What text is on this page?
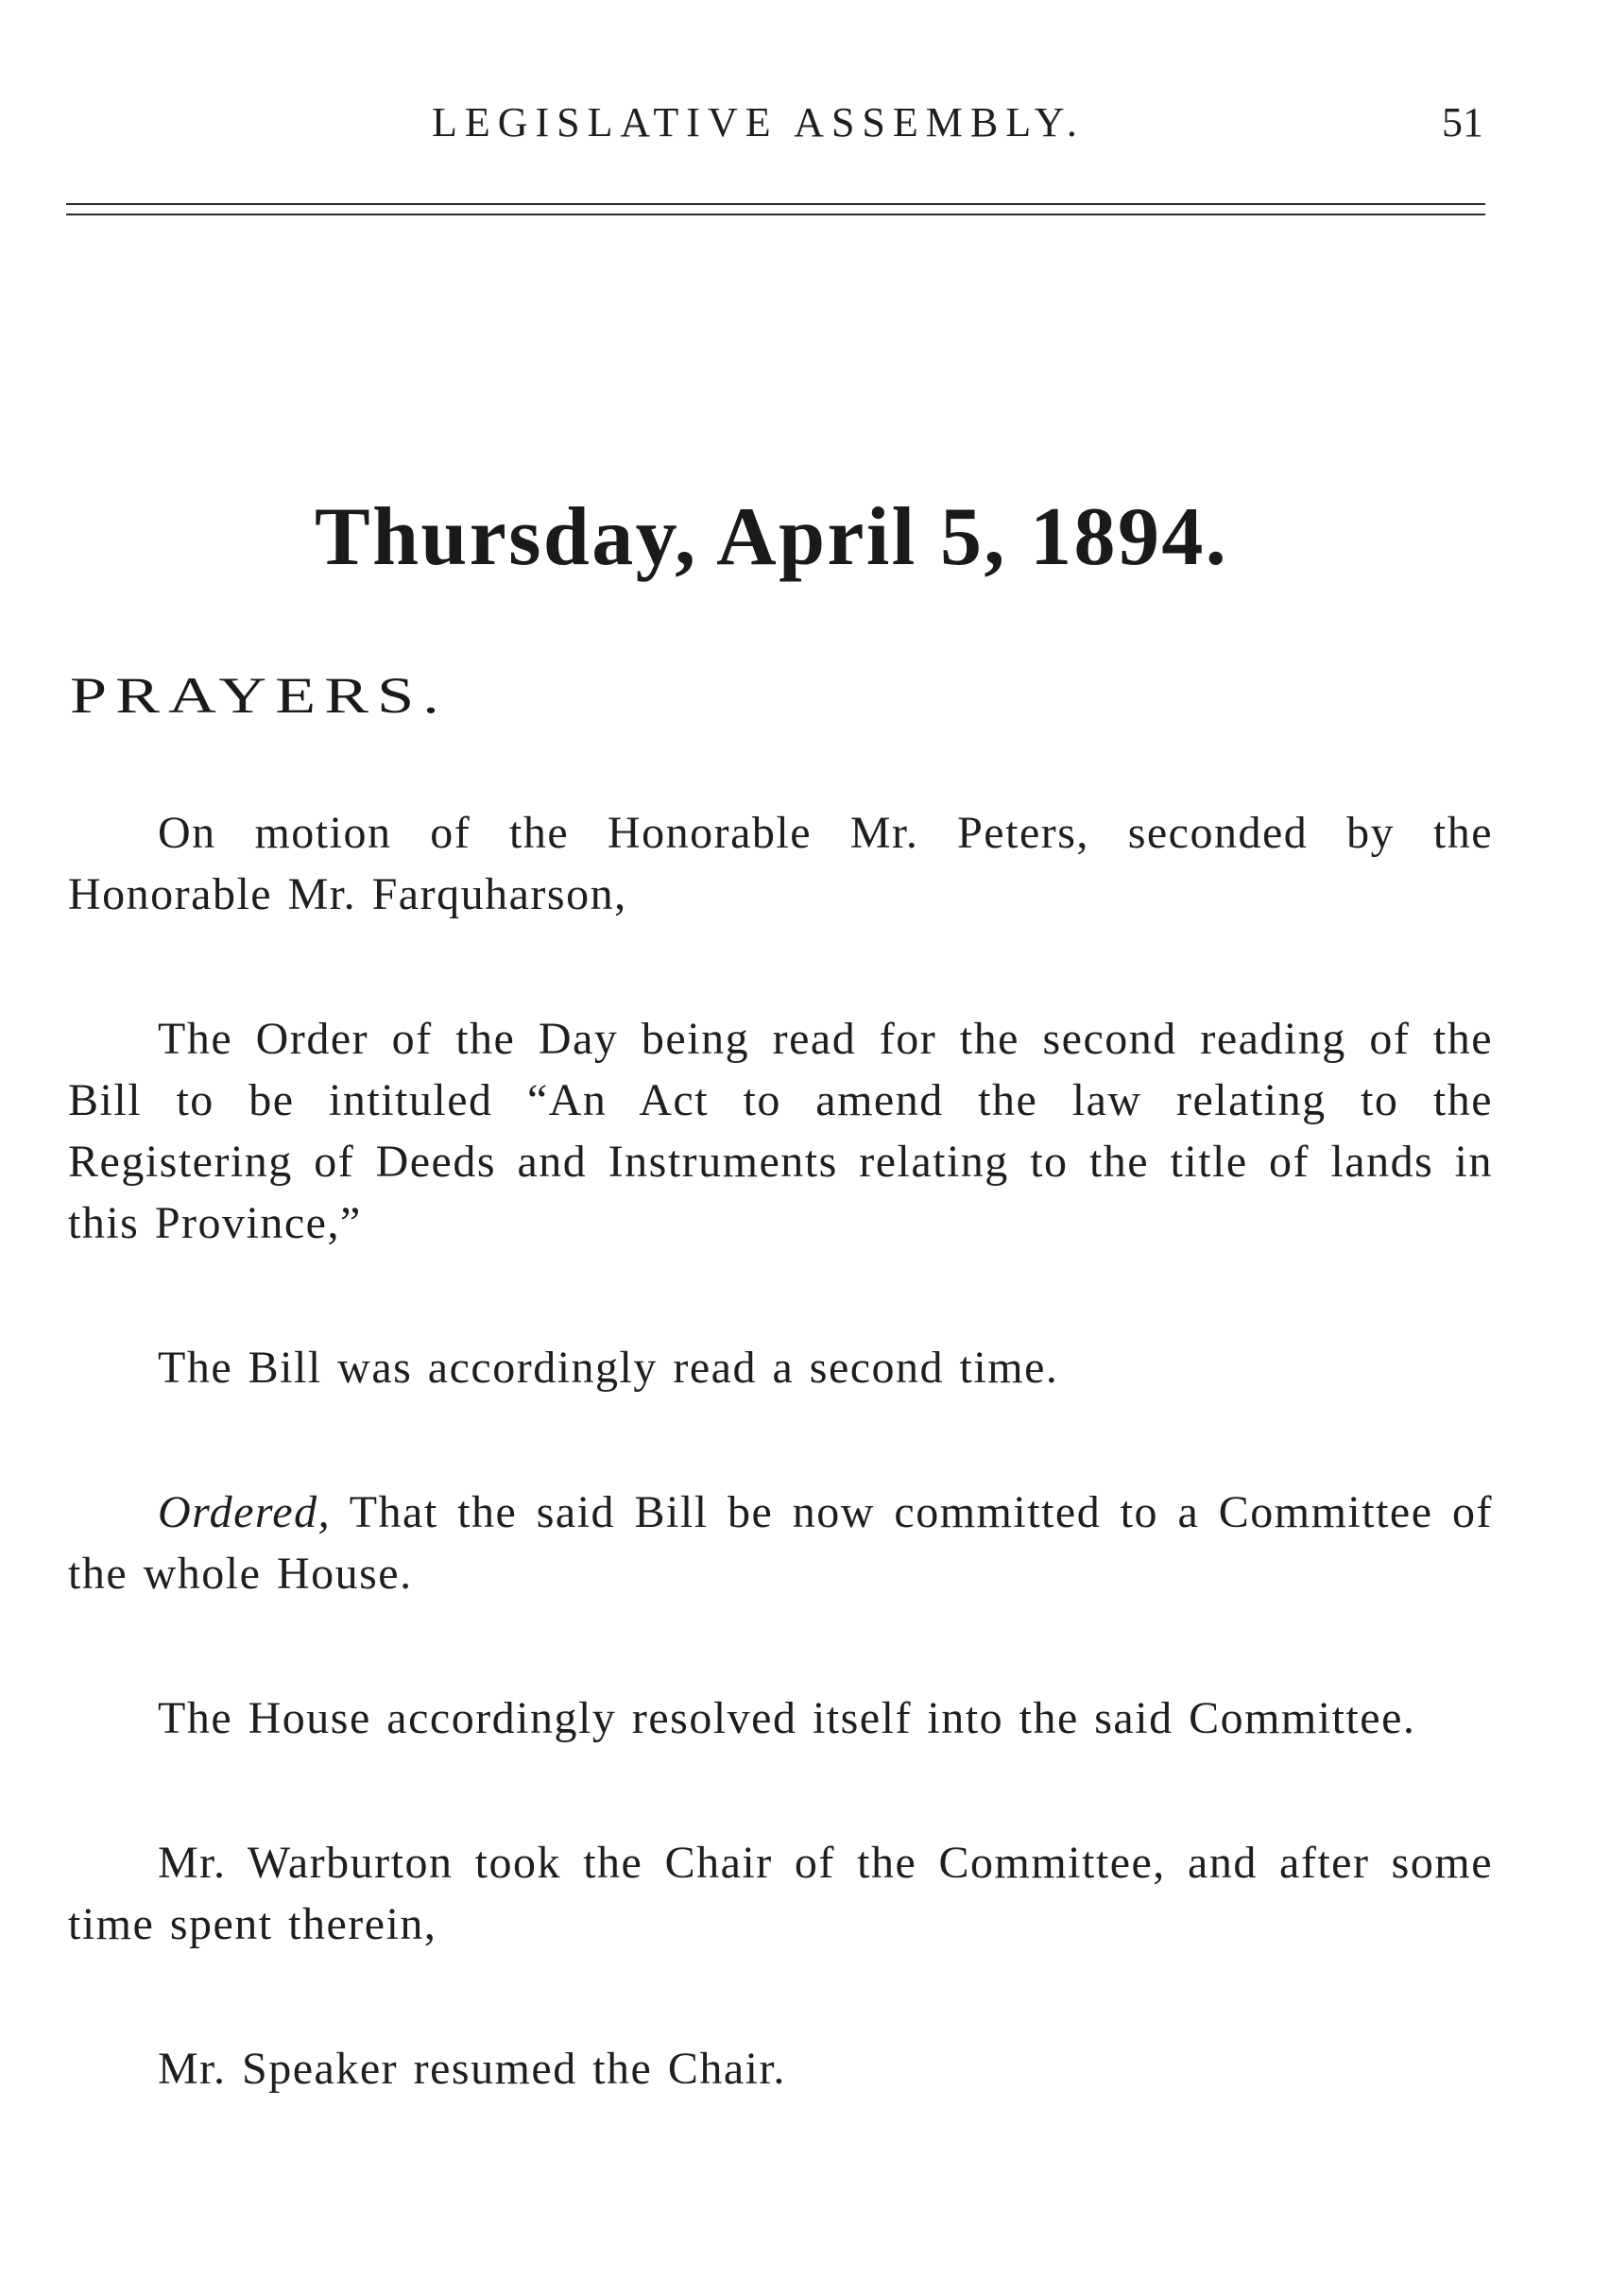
LEGISLATIVE ASSEMBLY.	51
Thursday, April 5, 1894.
PRAYERS.
On motion of the Honorable Mr. Peters, seconded by the
Honorable Mr. Farquharson,
The Order of the Day being read for the second reading of the
Bill to be intituled “An Act to amend the law relating to the
Registering of Deeds and Instruments relating to the title of lands in
this Province,”
The Bill was accordingly read a second time.
Ordered, That the said Bill be now committed to a Committee of
the whole House.
The House accordingly resolved itself into the said Committee.
Mr. Warburton took the Chair of the Committee, and after some
time spent therein,
Mr. Speaker resumed the Chair.
